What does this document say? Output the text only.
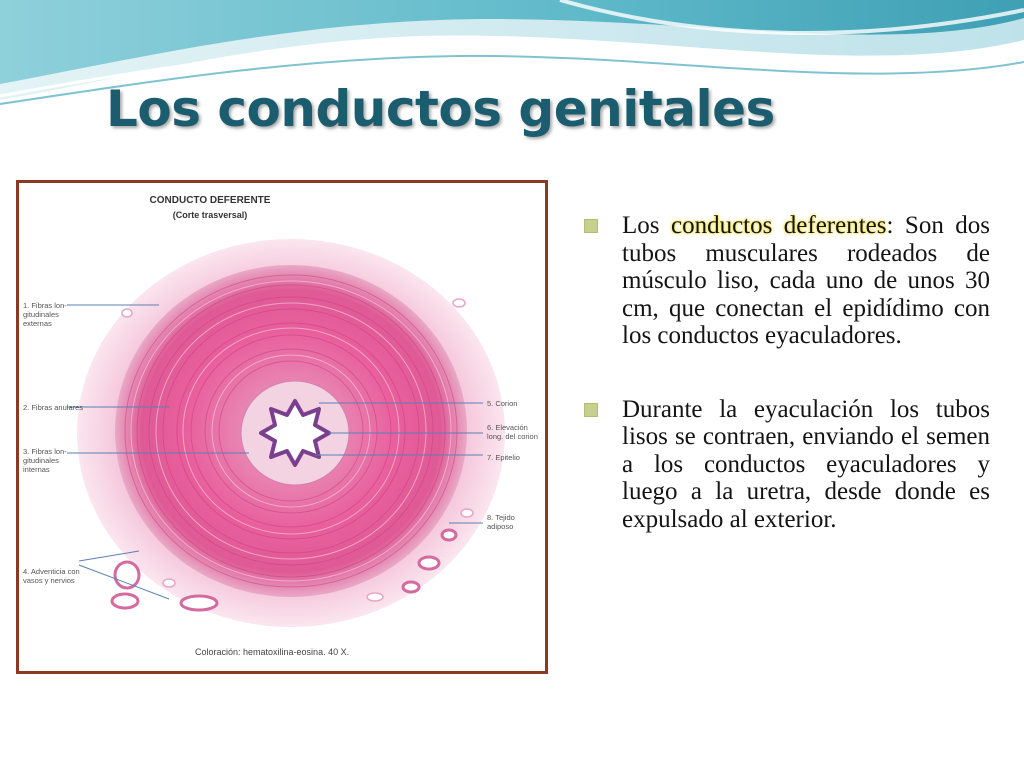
Los conductos genitales

CONDUCTO DEFERENTE

(Corte trasversal)

1. Fibras lon- gitudinales externas
2. Fibras anulares
3. Fibras lon- gitudinales internas
4. Adventicia con vasos y nervios
5. Corion
6. Elevación long. del corion
7. Epitelio
8. Tejido adiposo

Coloración: hematoxilina-eosina. 40 X.

Los conductos deferentes: Son dos tubos musculares rodeados de músculo liso, cada uno de unos 30 cm, que conectan el epidídimo con los conductos eyaculadores.

Durante la eyaculación los tubos lisos se contraen, enviando el semen a los conductos eyaculadores y luego a la uretra, desde donde es expulsado al exterior.
